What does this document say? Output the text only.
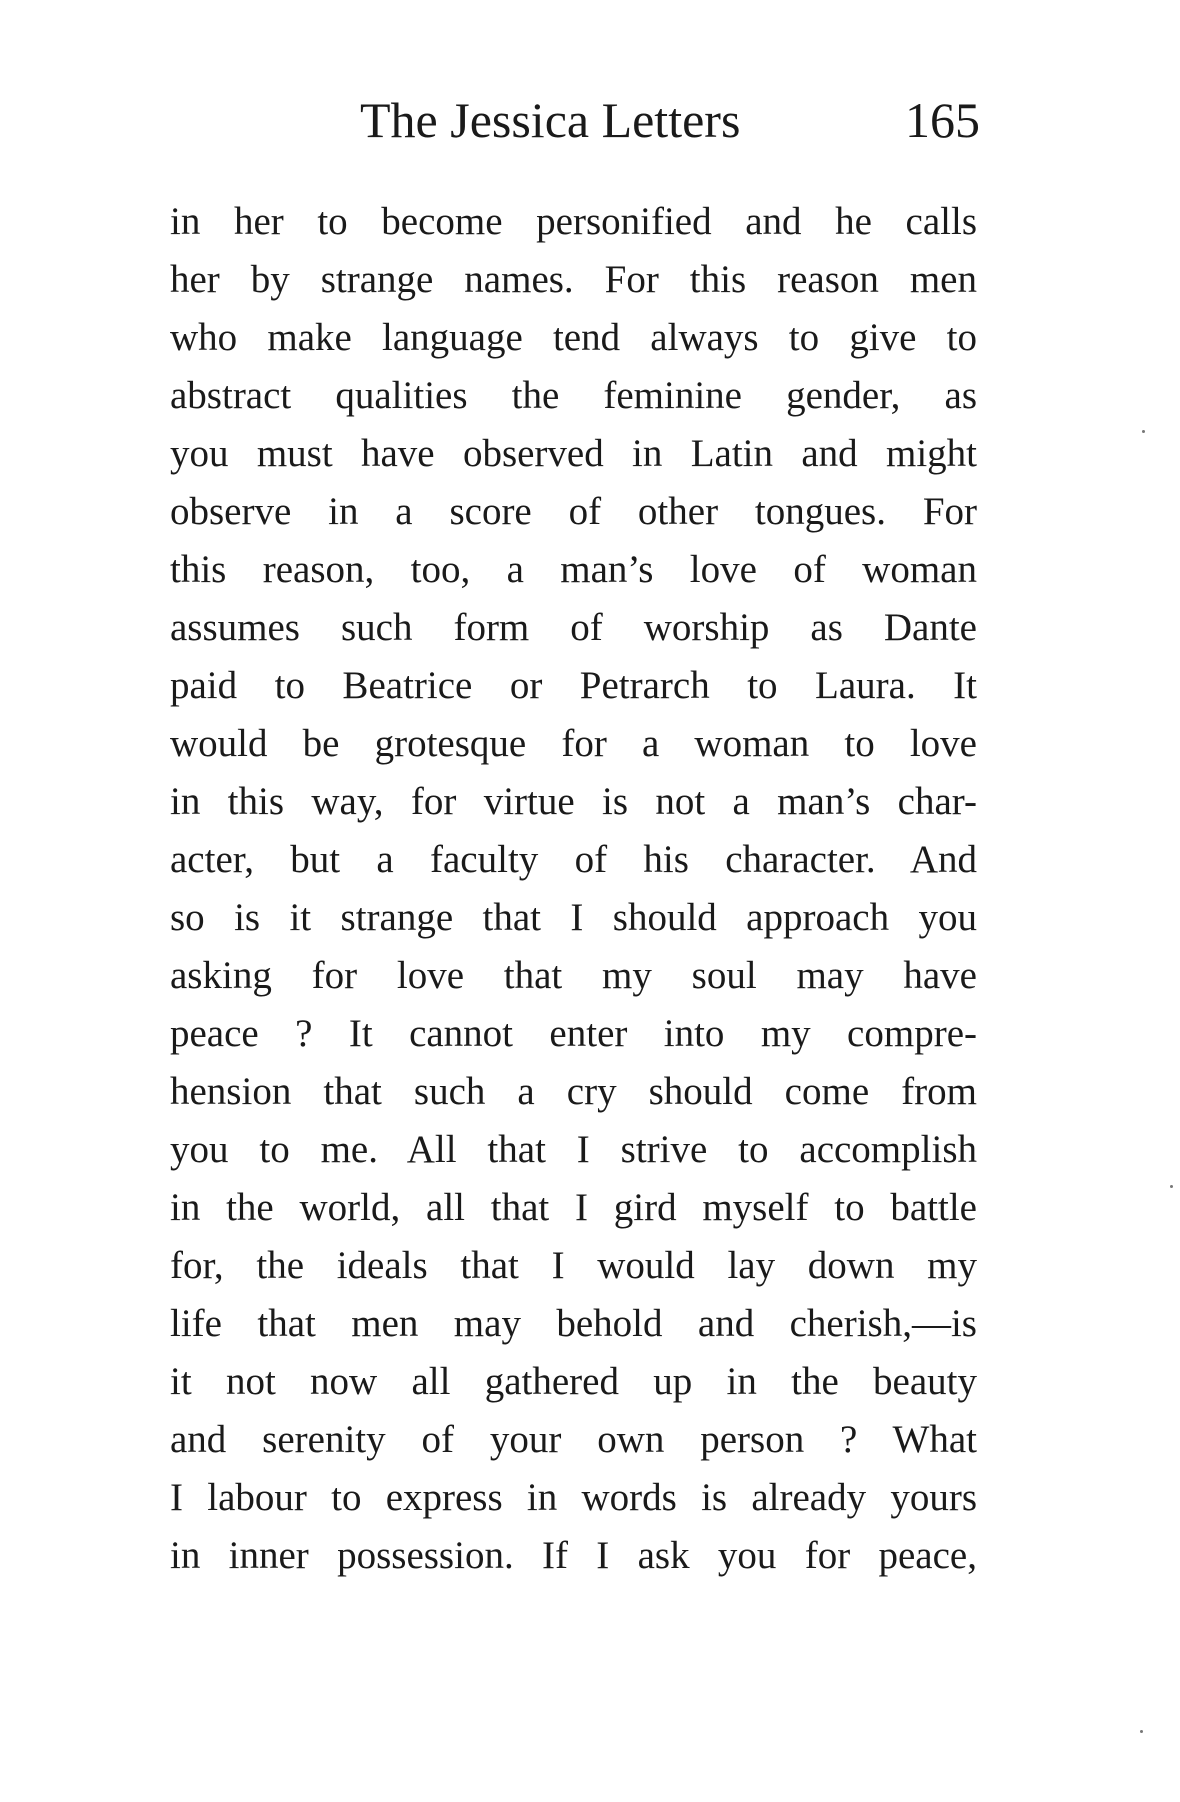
The Jessica Letters	165
in her to become personified and he calls
her by strange names. For this reason men
who make language tend always to give to
abstract qualities the feminine gender, as
you must have observed in Latin and might
observe in a score of other tongues. For
this reason, too, a man’s love of woman
assumes such form of worship as Dante
paid to Beatrice or Petrarch to Laura. It
would be grotesque for a woman to love
in this way, for virtue is not a man’s char-
acter, but a faculty of his character. And
so is it strange that I should approach you
asking for love that my soul may have
peace ? It cannot enter into my compre-
hension that such a cry should come from
you to me. All that I strive to accomplish
in the world, all that I gird myself to battle
for, the ideals that I would lay down my
life that men may behold and cherish,—is
it not now all gathered up in the beauty
and serenity of your own person ? What
I labour to express in words is already yours
in inner possession. If I ask you for peace,
